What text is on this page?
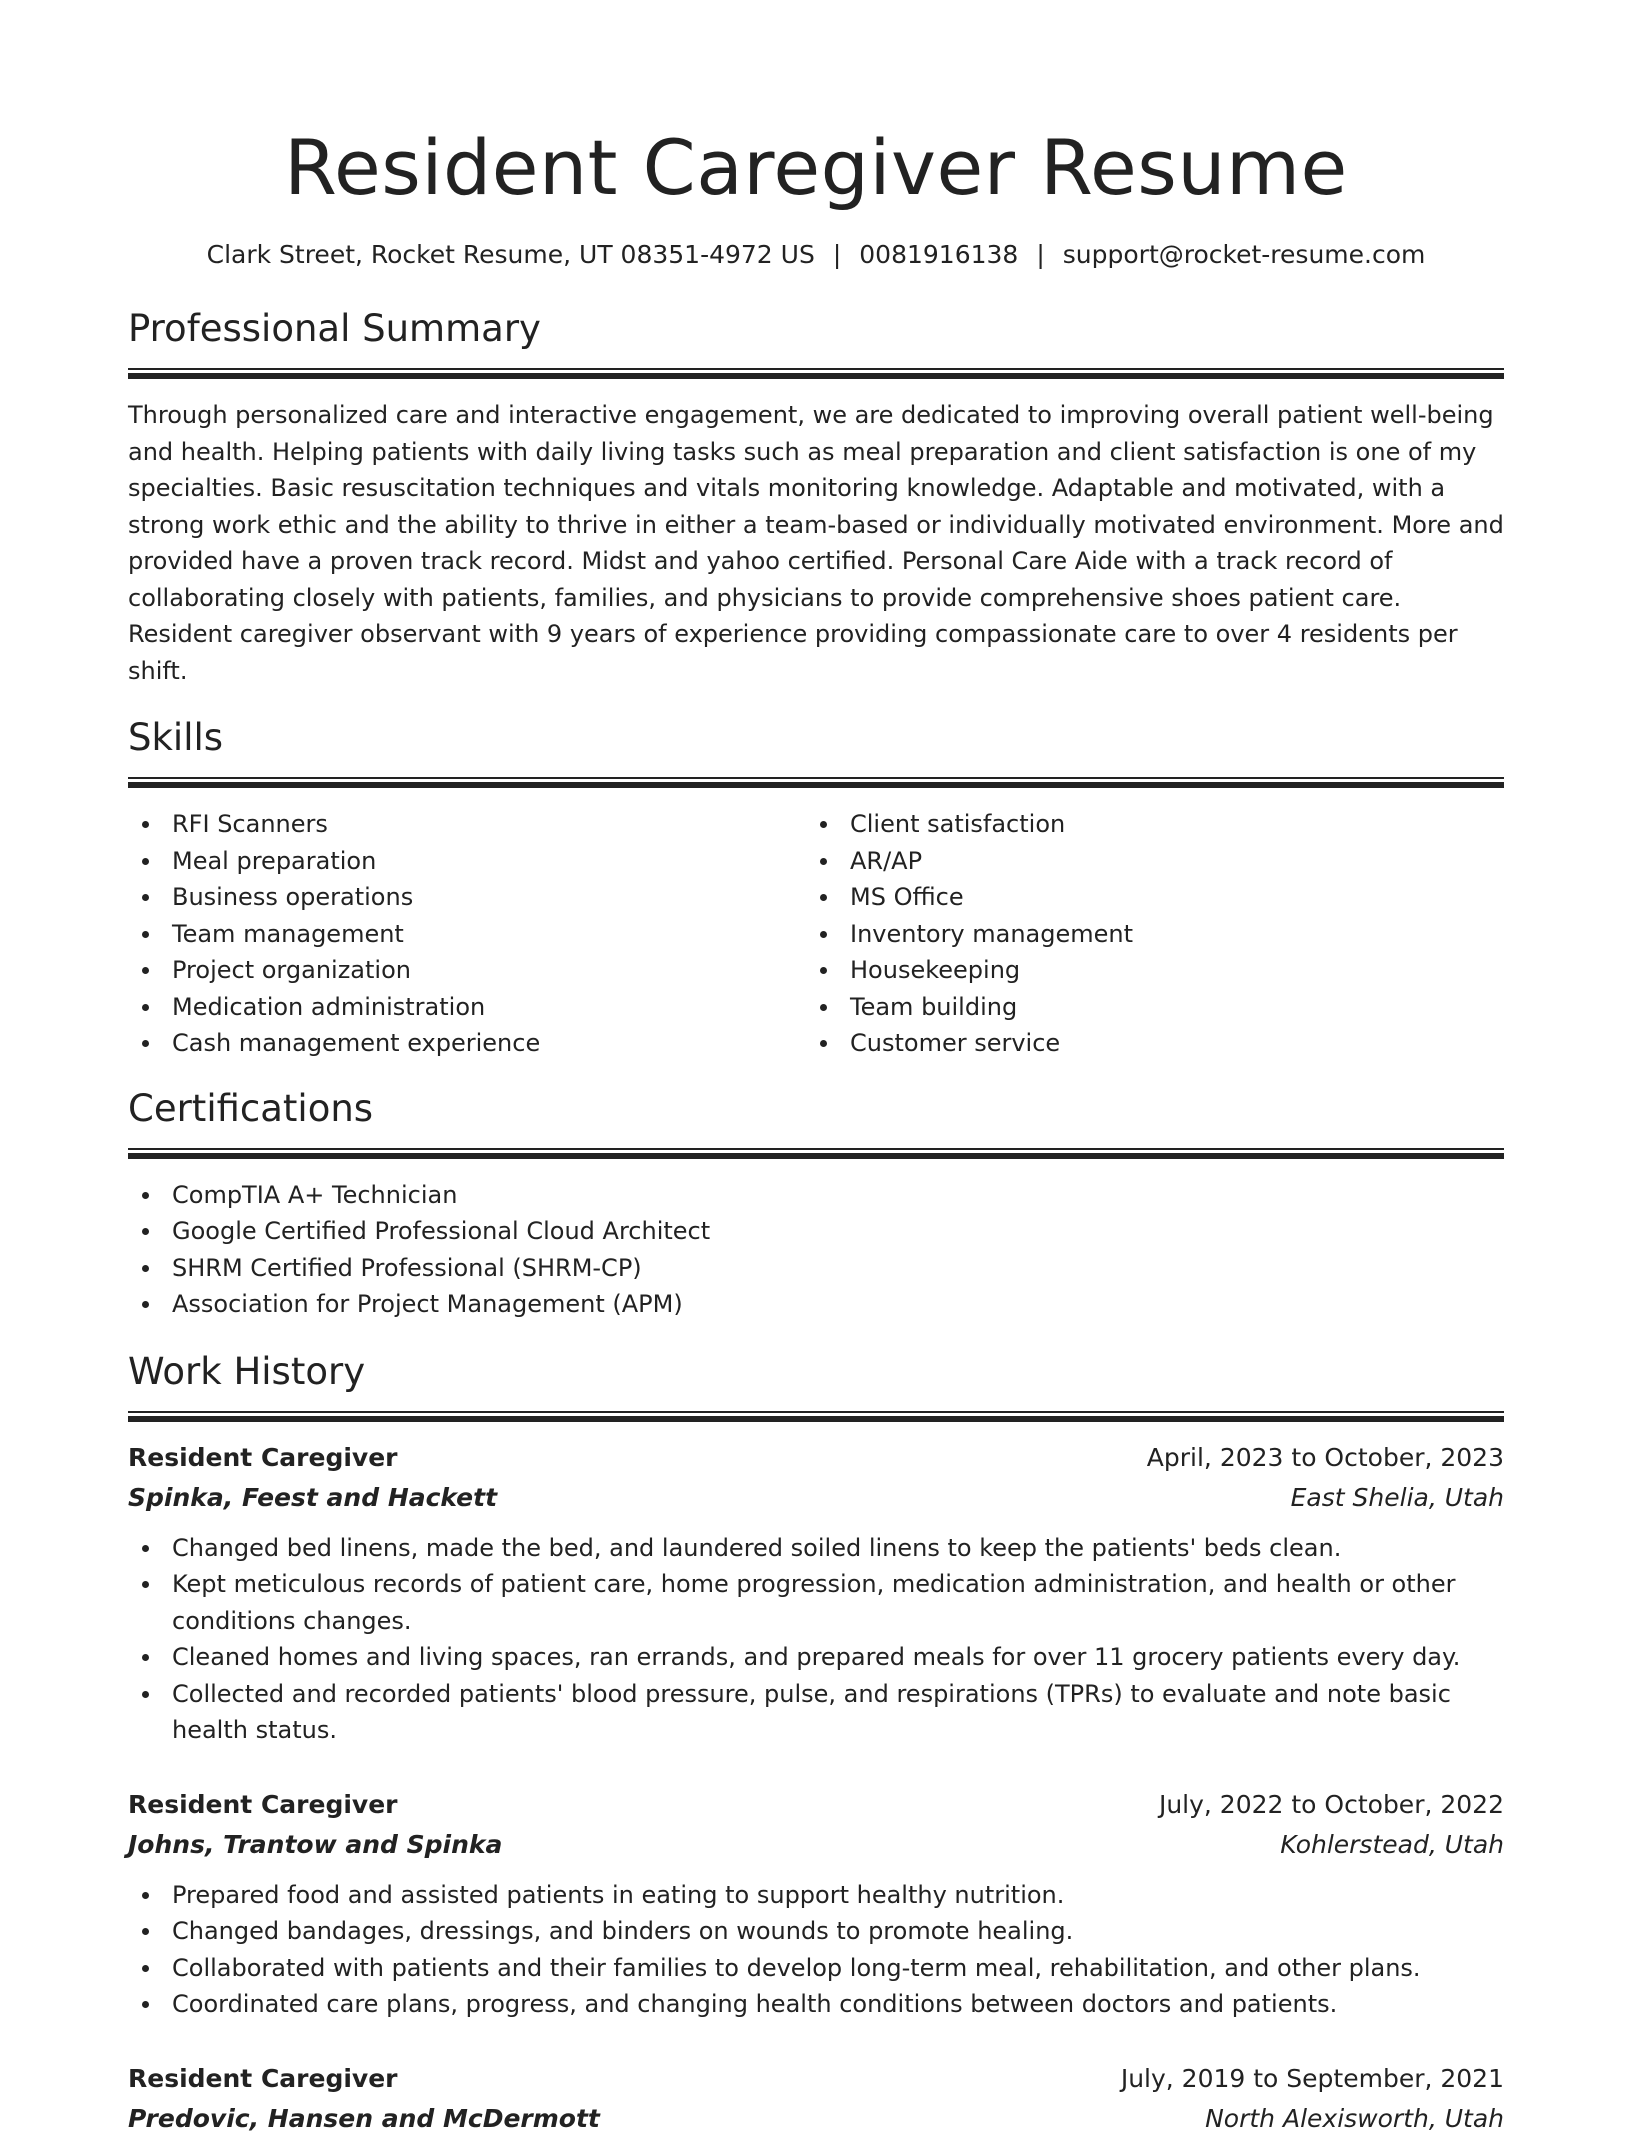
Resident Caregiver Resume
Clark Street, Rocket Resume, UT 08351-4972 US | 0081916138 | support@rocket-resume.com
Professional Summary

Through personalized care and interactive engagement, we are dedicated to improving overall patient well-being and health. Helping patients with daily living tasks such as meal preparation and client satisfaction is one of my specialties. Basic resuscitation techniques and vitals monitoring knowledge. Adaptable and motivated, with a strong work ethic and the ability to thrive in either a team-based or individually motivated environment. More and provided have a proven track record. Midst and yahoo certified. Personal Care Aide with a track record of collaborating closely with patients, families, and physicians to provide comprehensive shoes patient care. Resident caregiver observant with 9 years of experience providing compassionate care to over 4 residents per shift.

Skills
RFI Scanners
Meal preparation
Business operations
Team management
Project organization
Medication administration
Cash management experience
Client satisfaction
AR/AP
MS Office
Inventory management
Housekeeping
Team building
Customer service
Certifications
CompTIA A+ Technician
Google Certified Professional Cloud Architect
SHRM Certified Professional (SHRM-CP)
Association for Project Management (APM)
Work History
Resident Caregiver	April, 2023 to October, 2023
Spinka, Feest and Hackett	East Shelia, Utah
Changed bed linens, made the bed, and laundered soiled linens to keep the patients' beds clean.
Kept meticulous records of patient care, home progression, medication administration, and health or other conditions changes.
Cleaned homes and living spaces, ran errands, and prepared meals for over 11 grocery patients every day.
Collected and recorded patients' blood pressure, pulse, and respirations (TPRs) to evaluate and note basic health status.
Resident Caregiver	July, 2022 to October, 2022
Johns, Trantow and Spinka	Kohlerstead, Utah
Prepared food and assisted patients in eating to support healthy nutrition.
Changed bandages, dressings, and binders on wounds to promote healing.
Collaborated with patients and their families to develop long-term meal, rehabilitation, and other plans.
Coordinated care plans, progress, and changing health conditions between doctors and patients.
Resident Caregiver	July, 2019 to September, 2021
Predovic, Hansen and McDermott	North Alexisworth, Utah
